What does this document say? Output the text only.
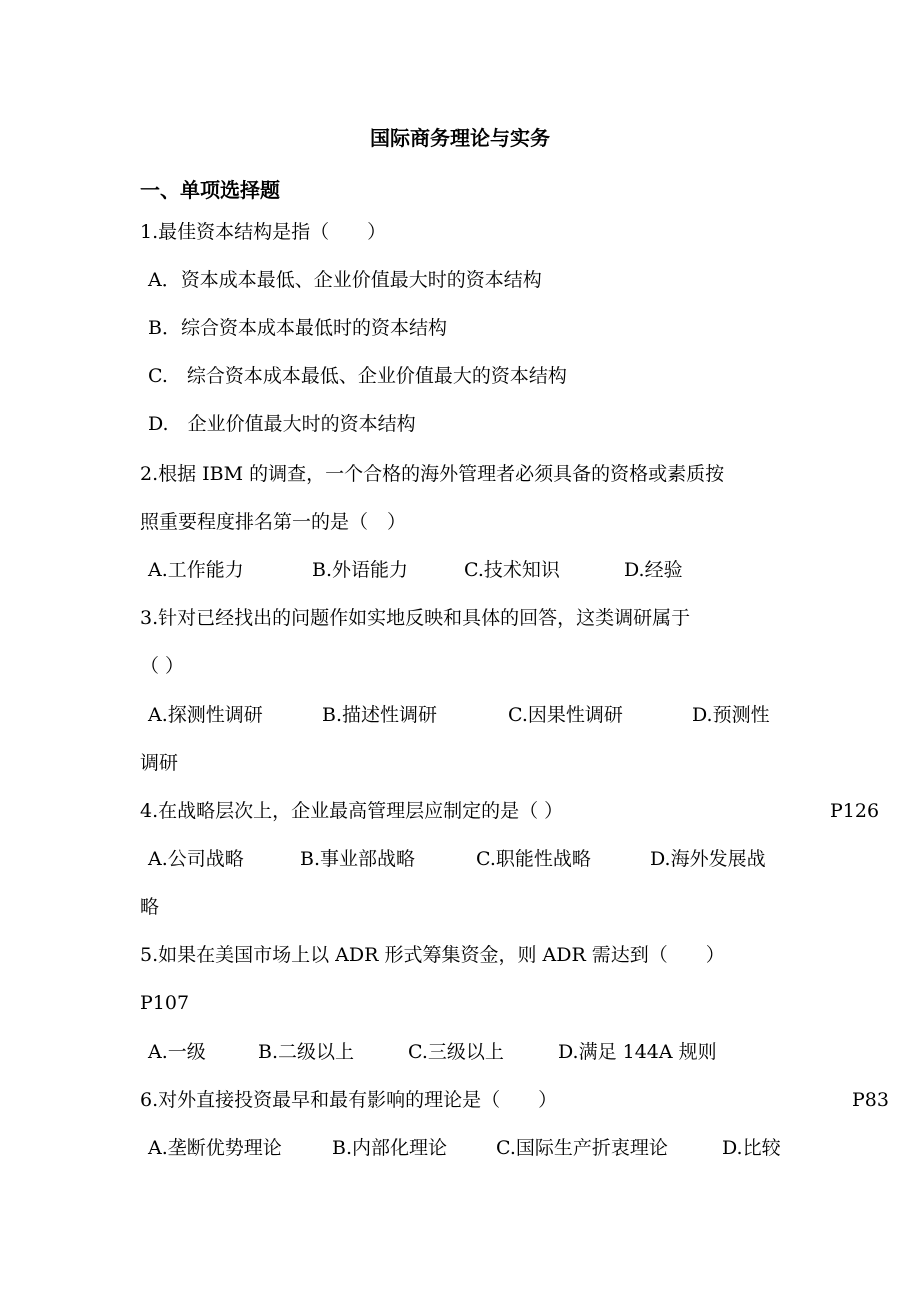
国际商务理论与实务
一、单项选择题
1.最佳资本结构是指（　　）
A．资本成本最低、企业价值最大时的资本结构
B．综合资本成本最低时的资本结构
C.　综合资本成本最低、企业价值最大的资本结构
D.　企业价值最大时的资本结构
2.根据 IBM 的调查，一个合格的海外管理者必须具备的资格或素质按
照重要程度排名第一的是（　）
A.工作能力	B.外语能力	C.技术知识	D.经验
3.针对已经找出的问题作如实地反映和具体的回答，这类调研属于
（ ）
A.探测性调研	B.描述性调研	C.因果性调研	D.预测性
调研
4.在战略层次上，企业最高管理层应制定的是（ ）	P126
A.公司战略	B.事业部战略	C.职能性战略	D.海外发展战
略
5.如果在美国市场上以 ADR 形式筹集资金，则 ADR 需达到（　　）
P107
A.一级	B.二级以上	C.三级以上	D.满足 144A 规则
6.对外直接投资最早和最有影响的理论是（　　）	P83
A.垄断优势理论	B.内部化理论	C.国际生产折衷理论	D.比较
